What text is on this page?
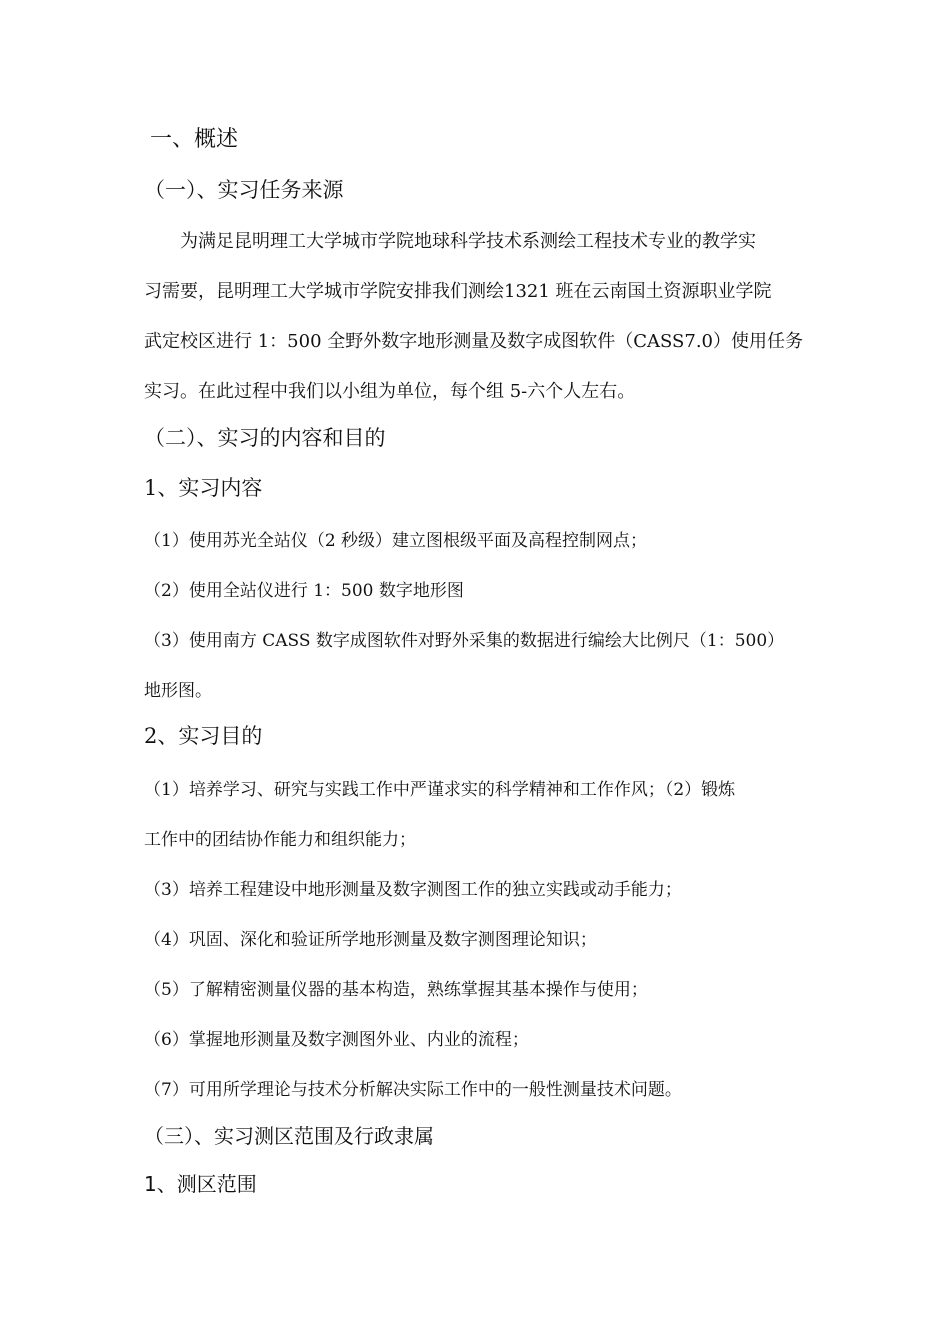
一、概述
（一）、实习任务来源
为满足昆明理工大学城市学院地球科学技术系测绘工程技术专业的教学实
习需要，昆明理工大学城市学院安排我们测绘1321 班在云南国土资源职业学院
武定校区进行 1：500 全野外数字地形测量及数字成图软件（CASS7.0）使用任务
实习。在此过程中我们以小组为单位，每个组 5-六个人左右。
（二）、实习的内容和目的
1、实习内容
（1）使用苏光全站仪（2 秒级）建立图根级平面及高程控制网点；
（2）使用全站仪进行 1：500 数字地形图
（3）使用南方 CASS 数字成图软件对野外采集的数据进行编绘大比例尺（1：500）
地形图。
2、实习目的
（1）培养学习、研究与实践工作中严谨求实的科学精神和工作作风；（2）锻炼
工作中的团结协作能力和组织能力；
（3）培养工程建设中地形测量及数字测图工作的独立实践或动手能力；
（4）巩固、深化和验证所学地形测量及数字测图理论知识；
（5）了解精密测量仪器的基本构造，熟练掌握其基本操作与使用；
（6）掌握地形测量及数字测图外业、内业的流程；
（7）可用所学理论与技术分析解决实际工作中的一般性测量技术问题。
（三）、实习测区范围及行政隶属
1、测区范围
